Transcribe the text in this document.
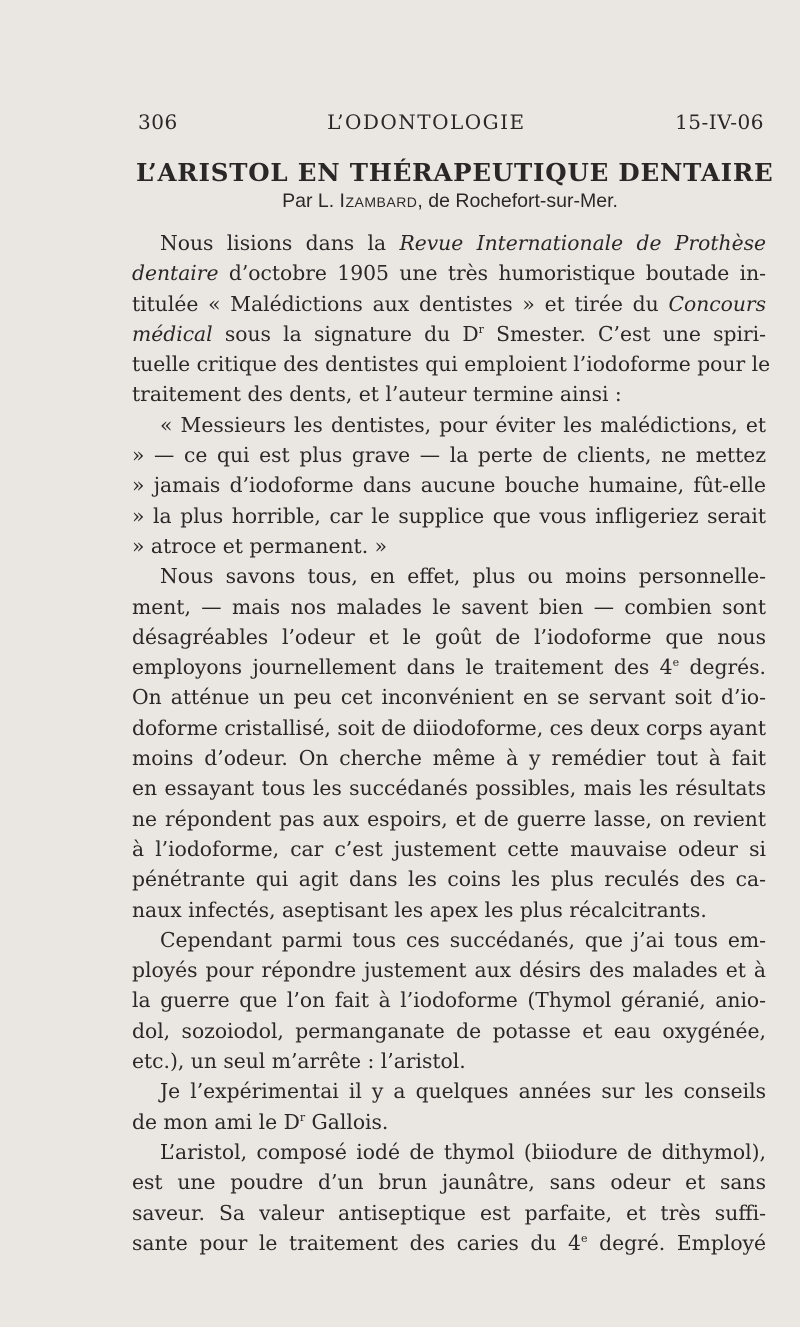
306	L’ODONTOLOGIE	15-IV-06
L’ARISTOL EN THÉRAPEUTIQUE DENTAIRE
Par L. Izambard, de Rochefort-sur-Mer.
Nous lisions dans la Revue Internationale de Prothèse
dentaire d’octobre 1905 une très humoristique boutade in-
titulée « Malédictions aux dentistes » et tirée du Concours
médical sous la signature du $D^r$ Smester. C’est une spiri-
tuelle critique des dentistes qui emploient l’iodoforme pour le
traitement des dents, et l’auteur termine ainsi :
« Messieurs les dentistes, pour éviter les malédictions, et
» — ce qui est plus grave — la perte de clients, ne mettez
» jamais d’iodoforme dans aucune bouche humaine, fût-elle
» la plus horrible, car le supplice que vous infligeriez serait
» atroce et permanent. »
Nous savons tous, en effet, plus ou moins personnelle-
ment, — mais nos malades le savent bien — combien sont
désagréables l’odeur et le goût de l’iodoforme que nous
employons journellement dans le traitement des 4e degrés.
On atténue un peu cet inconvénient en se servant soit d’io-
doforme cristallisé, soit de diiodoforme, ces deux corps ayant
moins d’odeur. On cherche même à y remédier tout à fait
en essayant tous les succédanés possibles, mais les résultats
ne répondent pas aux espoirs, et de guerre lasse, on revient
à l’iodoforme, car c’est justement cette mauvaise odeur si
pénétrante qui agit dans les coins les plus reculés des ca-
naux infectés, aseptisant les apex les plus récalcitrants.
Cependant parmi tous ces succédanés, que j’ai tous em-
ployés pour répondre justement aux désirs des malades et à
la guerre que l’on fait à l’iodoforme (Thymol géranié, anio-
dol, sozoiodol, permanganate de potasse et eau oxygénée,
etc.), un seul m’arrête : l’aristol.
Je l’expérimentai il y a quelques années sur les conseils
de mon ami le $D^r$ Gallois.
L’aristol, composé iodé de thymol (biiodure de dithymol),
est une poudre d’un brun jaunâtre, sans odeur et sans
saveur. Sa valeur antiseptique est parfaite, et très suffi-
sante pour le traitement des caries du 4e degré. Employé
